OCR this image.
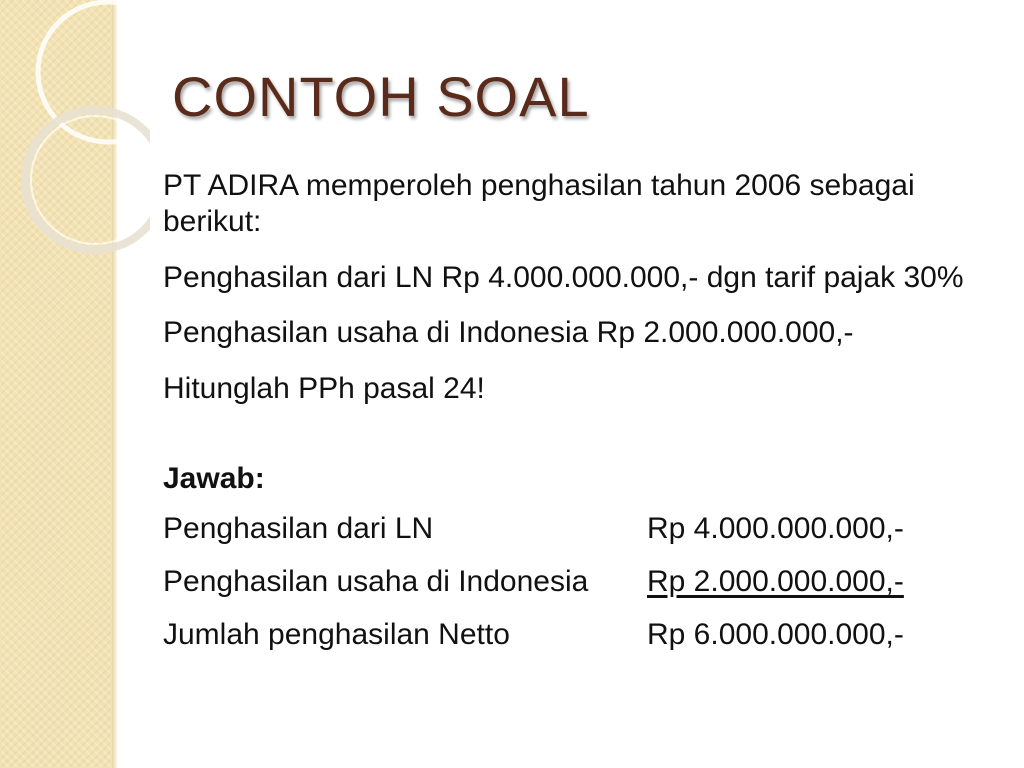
CONTOH SOAL

PT ADIRA memperoleh penghasilan tahun 2006 sebagai berikut:

Penghasilan dari LN Rp 4.000.000.000,- dgn tarif pajak 30%

Penghasilan usaha di Indonesia Rp 2.000.000.000,-

Hitunglah PPh pasal 24!

Jawab:

Penghasilan dari LN	Rp 4.000.000.000,-
Penghasilan usaha di Indonesia	Rp 2.000.000.000,-
Jumlah penghasilan Netto	Rp 6.000.000.000,-
